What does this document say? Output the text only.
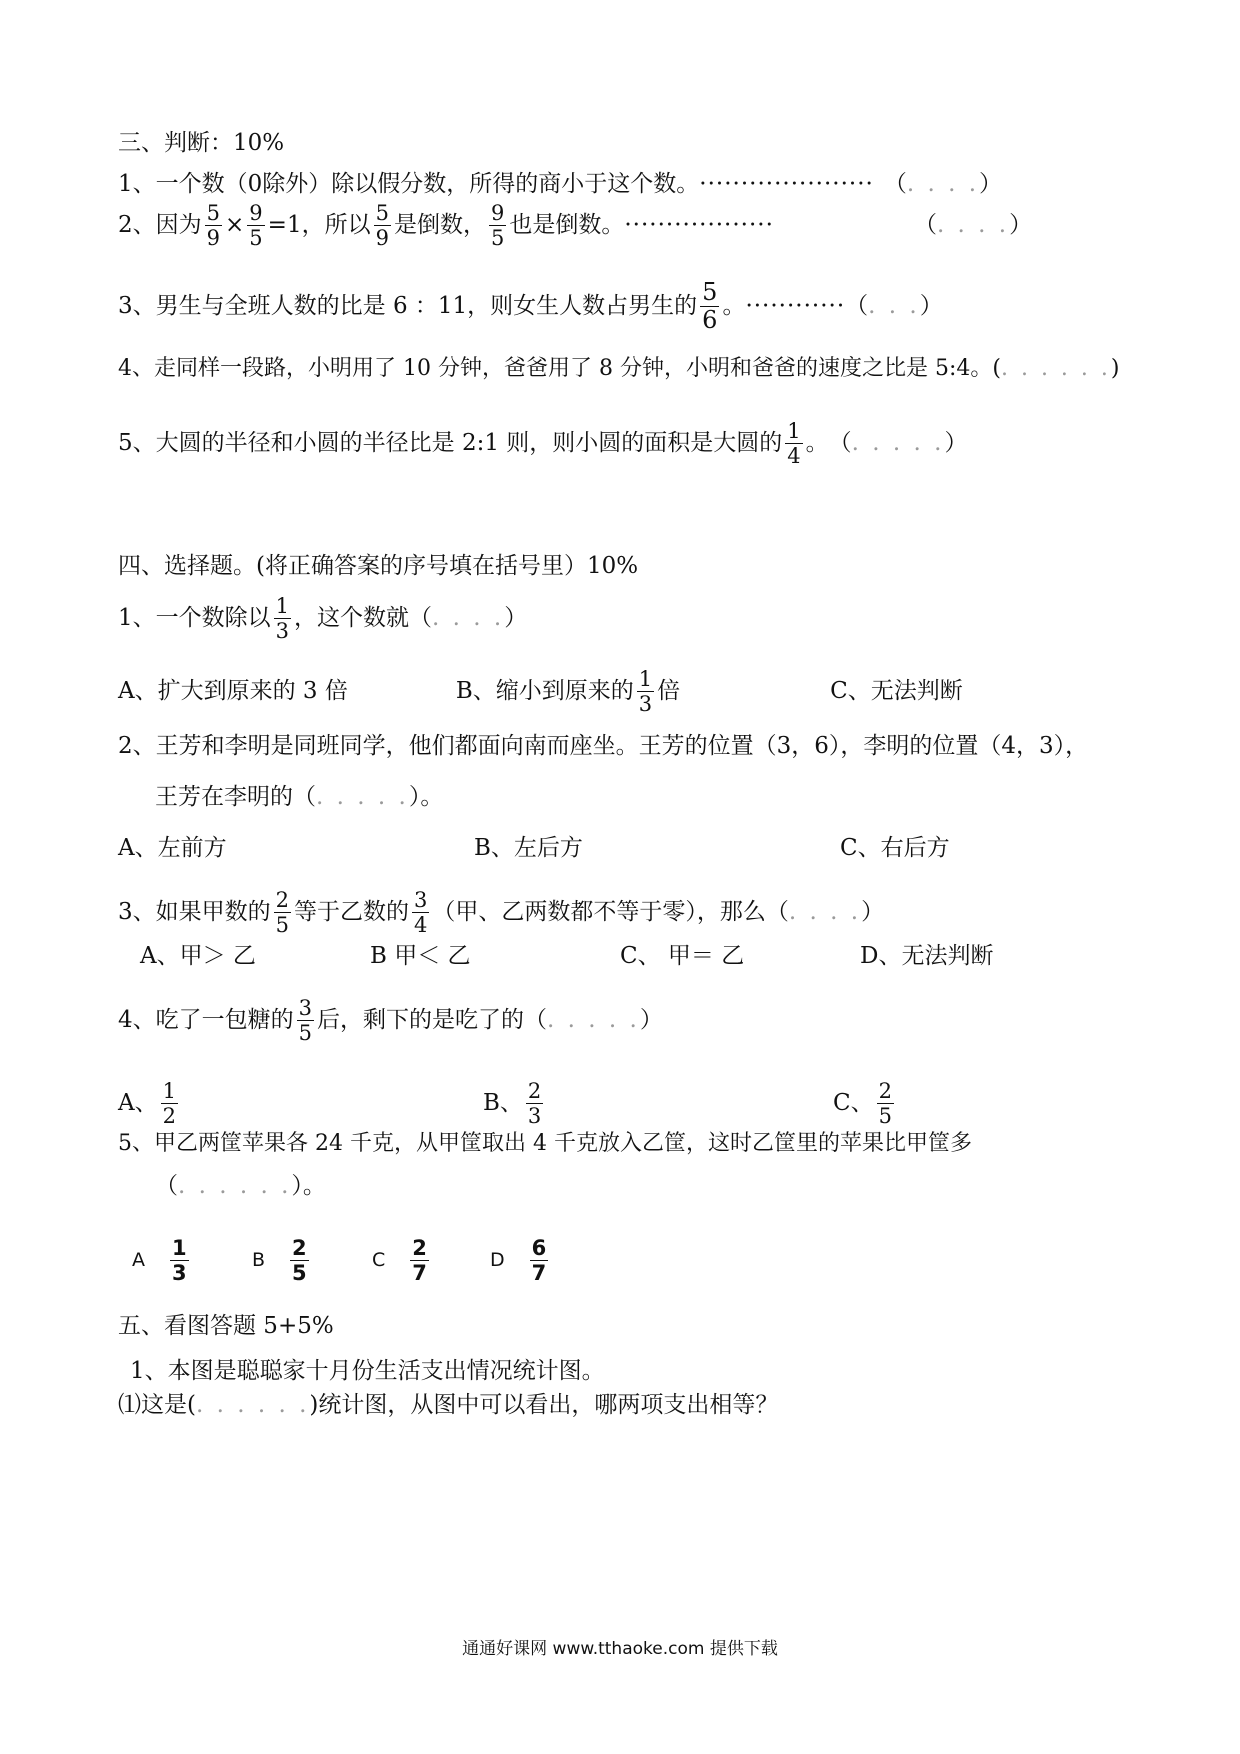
三、判断：10%
1、一个数（0除外）除以假分数，所得的商小于这个数。 ····················· （ . . . . ）
2、因为 $\frac{5}{9} \times \frac{9}{5} =1$，所以 $\frac{5}{9}$ 是倒数， $\frac{9}{5}$ 也是倒数。 ··················	（ . . . . ）
3、男生与全班人数的比是 6 ：11，则女生人数占男生的 $\frac{5}{6}$ 。 ············ （ . . . ）
4、走同样一段路，小明用了 10 分钟，爸爸用了 8 分钟，小明和爸爸的速度之比是 5:4。 ( . . . . . . )
5、大圆的半径和小圆的半径比是 2:1 则，则小圆的面积是大圆的 $\frac{1}{4}$ 。 （ . . . . . ）
四、选择题。(将正确答案的序号填在括号里）10%
1、一个数除以 $\frac{1}{3}$ ，这个数就（ . . . . ）
A、扩大到原来的 3 倍	B、缩小到原来的 $\frac{1}{3}$ 倍	C、无法判断
2、王芳和李明是同班同学，他们都面向南而座坐。王芳的位置（3，6），李明的位置（4，3），
王芳在李明的（ . . . . . ）。
A、左前方	B、左后方	C、右后方
3、如果甲数的 $\frac{2}{5}$ 等于乙数的 $\frac{3}{4}$ （甲、乙两数都不等于零），那么（ . . . . ）
A、甲＞ 乙	B 甲＜ 乙	C、 甲＝ 乙	D、无法判断
4、吃了一包糖的 $\frac{3}{5}$ 后，剩下的是吃了的（ . . . . . ）
A、 $\frac{1}{2}$	B、 $\frac{2}{3}$	C、 $\frac{2}{5}$
5、甲乙两筐苹果各 24 千克，从甲筐取出 4 千克放入乙筐，这时乙筐里的苹果比甲筐多
（ . . . . . . ）。
A $\frac{1}{3}$	B $\frac{2}{5}$	C $\frac{2}{7}$	D $\frac{6}{7}$
五、看图答题 5+5%
1、本图是聪聪家十月份生活支出情况统计图。
⑴这是( . . . . . . )统计图，从图中可以看出，哪两项支出相等？
通通好课网 www.tthaoke.com 提供下载
